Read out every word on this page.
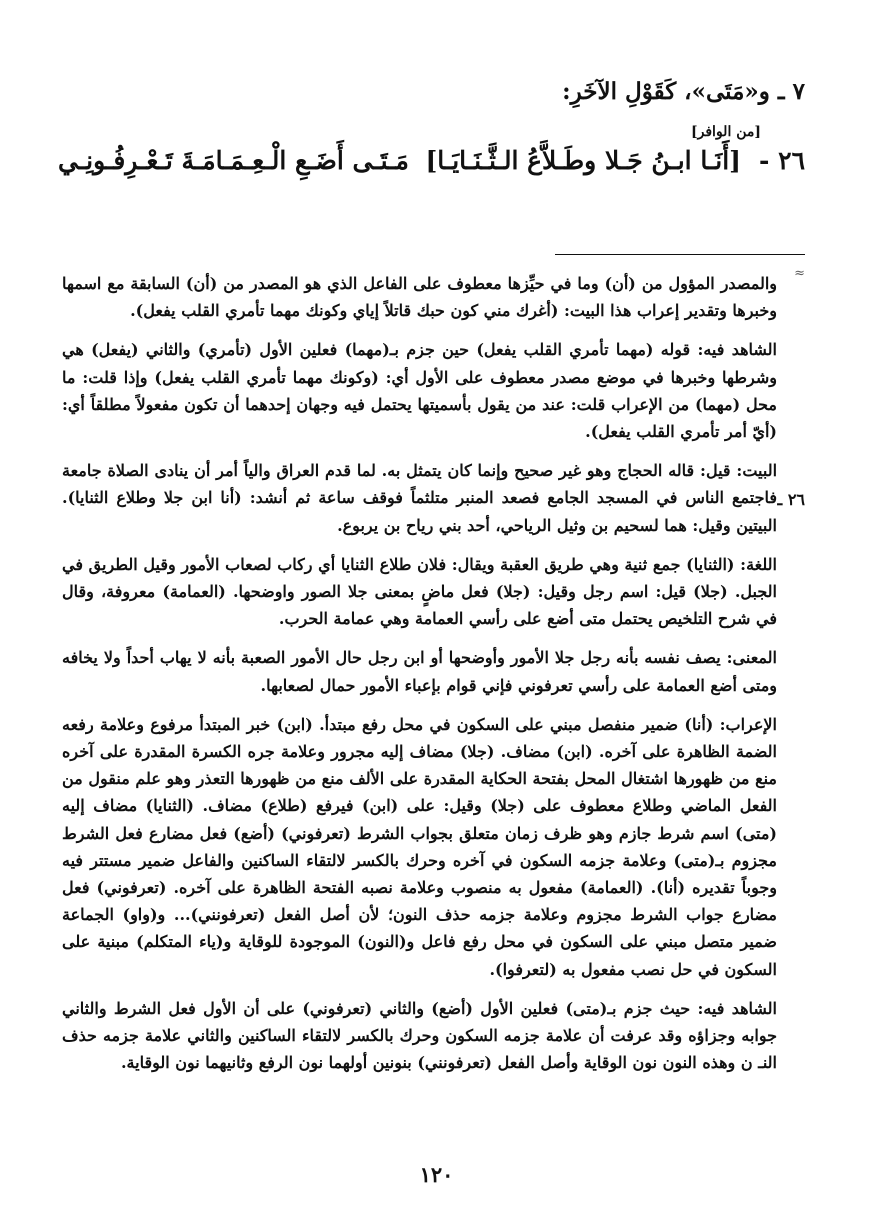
٧ ـ و«مَتَى»، كَقَوْلِ الآخَرِ:
[من الوافر]
٢٦ -
[أَنَـا ابـنُ جَـلا وطَـلاَّعُ الـثَّـنَـايَـا]
مَـتَـى أَضَـعِ الْـعِـمَـامَـةَ تَـعْـرِفُـونِـي
≈
٢٦ ـ

والمصدر المؤول من (أن) وما في حيِّزها معطوف على الفاعل الذي هو المصدر من (أن) السابقة مع اسمها وخبرها وتقدير إعراب هذا البيت: (أغرك مني كون حبك قاتلاً إياي وكونك مهما تأمري القلب يفعل).

الشاهد فيه: قوله (مهما تأمري القلب يفعل) حين جزم بـ(مهما) فعلين الأول (تأمري) والثاني (يفعل) هي وشرطها وخبرها في موضع مصدر معطوف على الأول أي: (وكونك مهما تأمري القلب يفعل) وإذا قلت: ما محل (مهما) من الإعراب قلت: عند من يقول بأسميتها يحتمل فيه وجهان إحدهما أن تكون مفعولاً مطلقاً أي: (أيّ أمر تأمري القلب يفعل).

البيت: قيل: قاله الحجاج وهو غير صحيح وإنما كان يتمثل به. لما قدم العراق والياً أمر أن ينادى الصلاة جامعة فاجتمع الناس في المسجد الجامع فصعد المنبر متلثماً فوقف ساعة ثم أنشد: (أنا ابن جلا وطلاع الثنايا). البيتين وقيل: هما لسحيم بن وثيل الرياحي، أحد بني رياح بن يربوع.

اللغة: (الثنايا) جمع ثنية وهي طريق العقبة ويقال: فلان طلاع الثنايا أي ركاب لصعاب الأمور وقيل الطريق في الجبل. (جلا) قيل: اسم رجل وقيل: (جلا) فعل ماضٍ بمعنى جلا الصور واوضحها. (العمامة) معروفة، وقال في شرح التلخيص يحتمل متى أضع على رأسي العمامة وهي عمامة الحرب.

المعنى: يصف نفسه بأنه رجل جلا الأمور وأوضحها أو ابن رجل حال الأمور الصعبة بأنه لا يهاب أحداً ولا يخافه ومتى أضع العمامة على رأسي تعرفوني فإني قوام بإعباء الأمور حمال لصعابها.

الإعراب: (أنا) ضمير منفصل مبني على السكون في محل رفع مبتدأ. (ابن) خبر المبتدأ مرفوع وعلامة رفعه الضمة الظاهرة على آخره. (ابن) مضاف. (جلا) مضاف إليه مجرور وعلامة جره الكسرة المقدرة على آخره منع من ظهورها اشتغال المحل بفتحة الحكاية المقدرة على الألف منع من ظهورها التعذر وهو علم منقول من الفعل الماضي وطلاع معطوف على (جلا) وقيل: على (ابن) فيرفع (طلاع) مضاف. (الثنايا) مضاف إليه (متى) اسم شرط جازم وهو ظرف زمان متعلق بجواب الشرط (تعرفوني) (أضع) فعل مضارع فعل الشرط مجزوم بـ(متى) وعلامة جزمه السكون في آخره وحرك بالكسر لالتقاء الساكنين والفاعل ضمير مستتر فيه وجوباً تقديره (أنا). (العمامة) مفعول به منصوب وعلامة نصبه الفتحة الظاهرة على آخره. (تعرفوني) فعل مضارع جواب الشرط مجزوم وعلامة جزمه حذف النون؛ لأن أصل الفعل (تعرفونني)... و(واو) الجماعة ضمير متصل مبني على السكون في محل رفع فاعل و(النون) الموجودة للوقاية و(ياء المتكلم) مبنية على السكون في حل نصب مفعول به (لتعرفوا).

الشاهد فيه: حيث جزم بـ(متى) فعلين الأول (أضع) والثاني (تعرفوني) على أن الأول فعل الشرط والثاني جوابه وجزاؤه وقد عرفت أن علامة جزمه السكون وحرك بالكسر لالتقاء الساكنين والثاني علامة جزمه حذف النـ ن وهذه النون نون الوقاية وأصل الفعل (تعرفونني) بنونين أولهما نون الرفع وثانيهما نون الوقاية.

١٢٠
